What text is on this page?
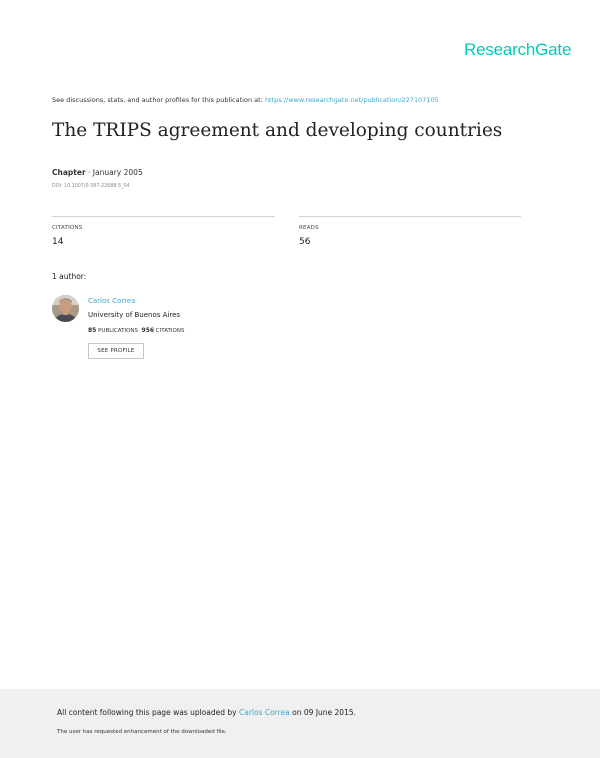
ResearchGate
See discussions, stats, and author profiles for this publication at: https://www.researchgate.net/publication/227107105
The TRIPS agreement and developing countries
Chapter · January 2005
DOI: 10.1007/0-387-22688-5_54
CITATIONS
14
READS
56
1 author:
Carlos Correa
University of Buenos Aires
85 PUBLICATIONS 956 CITATIONS
SEE PROFILE
All content following this page was uploaded by Carlos Correa on 09 June 2015.
The user has requested enhancement of the downloaded file.
